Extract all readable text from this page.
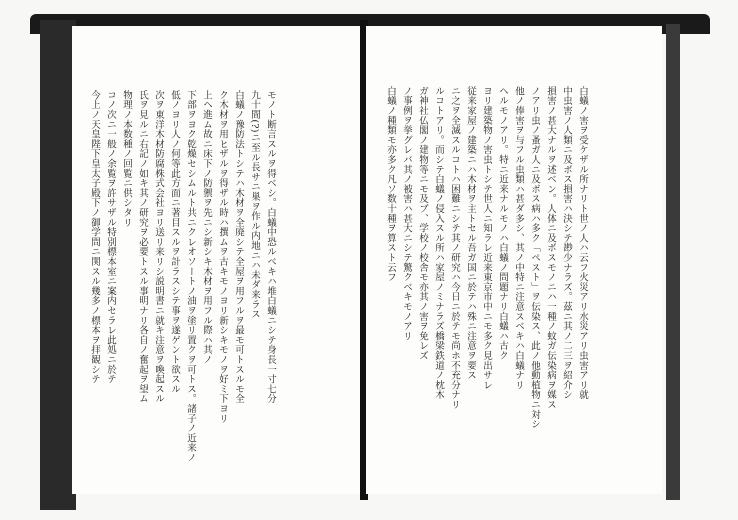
モノト断言スルヲ得ベシ。白蟻中恐ルベキハ堆白蟻ニシテ身長一寸七分
九十間(?)ニ至ル長サニ巣ヲ作ル内地ニハ未ダ来ラス
白蟻ノ豫防法トシテハ木材ヲ全廃シテ全屋ヲ用フルヲ最モ可トスルモ全
ク木材ヲ用ヒザルヲ得ザル時ハ撰ムヲ古キモノヨリ新シキモノヲ好ミ下ヨリ
上ヘ進ム故ニ床下ノ防禦ヲ先ニシ新シキ木材ヲ用フル際ハ其ノ
下部ヲヨク乾燥セシムルト共ニクレオソートノ油ヲ塗リ置クヲ可トス。諸子ノ近来ノ
低ノヨリ人ノ何等此方面ニ著目スルヲ計ラスシテ事ヲ遂ゲント欲スル
次ヲ東洋木材防腐株式会社ヨリ送リ来リシ説明書ニ就キ注意ヲ喚起スル
氏ヲ見ルニ右記ノ如キ其ノ研究ヲ必要トスル事明ナリ各自ノ奮起ヲ望ム
物理ノ本数種ノ回覧ニ供シタリ
コノ次ニ一般ノ余覧ヲ許サザル特別標本室ニ案内セラレ此処ニ於テ
今上ノ天皇陛下皇太子殿下ノ御学問ニ関スル幾多ノ標本ヲ拝観シテ	白蟻ノ害ヲ受ケザル所ナリト世ノ人ハ云フ火災アリ水災アリ虫害アリ就
中虫害ノ人類ニ及ボス損害ハ決シテ尠少ナラズ。茲ニ其ノ二三ヲ紹介シ
損害ノ甚大ナルヲ述ベン。人体ニ及ボスモノニハ一種ノ蚊ガ伝染病ヲ媒ス
ノアリ虫ノ蚤ガ人ニ及ボス病ハ多ク「ペスト」ヲ伝染ス、此ノ他動植物ニ対シ
他ノ俸害ヲ与フル虫類ハ甚ダ多シ、其ノ中特ニ注意スベキハ白蟻ナリ
ヘルモノアリ。特ニ近来ナルモノハ白蟻ノ問題ナリ白蟻ハ古ク
ヨリ建築物ノ害虫トシテ世人ニ知ラレ近来東京市中ニモ多ク見出サレ
従来家屋ノ建築ニハ木材ヲ主トセル吾ガ国ニ於テハ殊ニ注意ヲ要ス
ニ之ヲ全滅スルコトハ困難ニシテ其ノ研究ハ今日ニ於テモ尚ホ不充分ナリ
ルコトアリ。而シテ白蟻ノ侵入スル所ハ家屋ノミナラズ橋梁鉄道ノ枕木
ガ神社仏閣ノ建物等ニモ及ブ、学校ノ校舎モ亦其ノ害ヲ免レズ
ノ事例ヲ挙グレバ其ノ被害ハ甚大ニシテ驚クベキモノアリ
白蟻ノ種類モ亦多ク凡ソ数十種ヲ算スト云フ
